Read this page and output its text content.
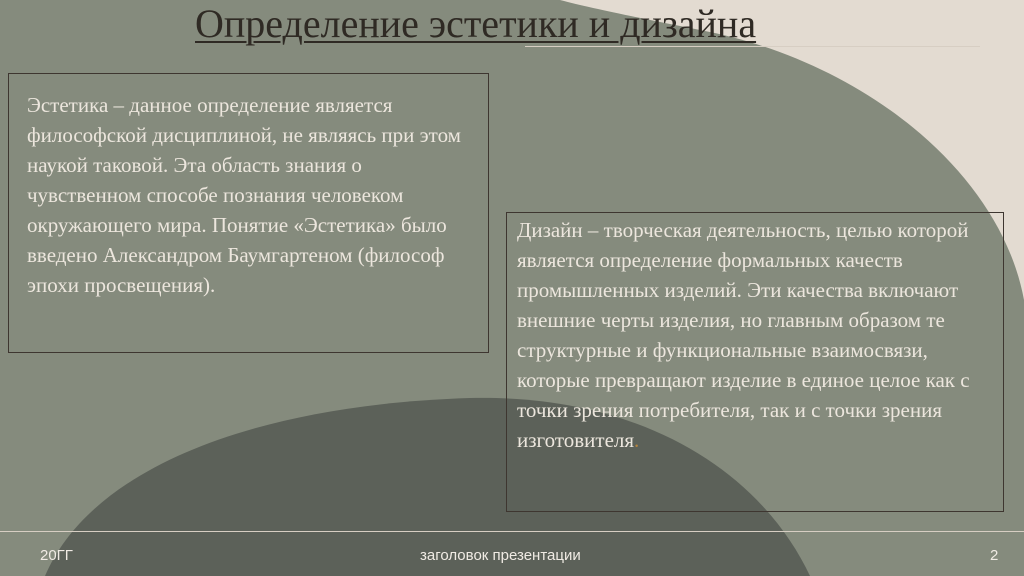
Определение эстетики и дизайна
Эстетика – данное определение является философской дисциплиной, не являясь при этом наукой таковой. Эта область знания о чувственном способе познания человеком окружающего мира. Понятие «Эстетика» было введено Александром Баумгартеном (философ эпохи просвещения).
Дизайн – творческая деятельность, целью которой является определение формальных качеств промышленных изделий. Эти качества включают внешние черты изделия, но главным образом те структурные и функциональные взаимосвязи, которые превращают изделие в единое целое как с точки зрения потребителя, так и с точки зрения изготовителя.
20ГГ	заголовок презентации	2
